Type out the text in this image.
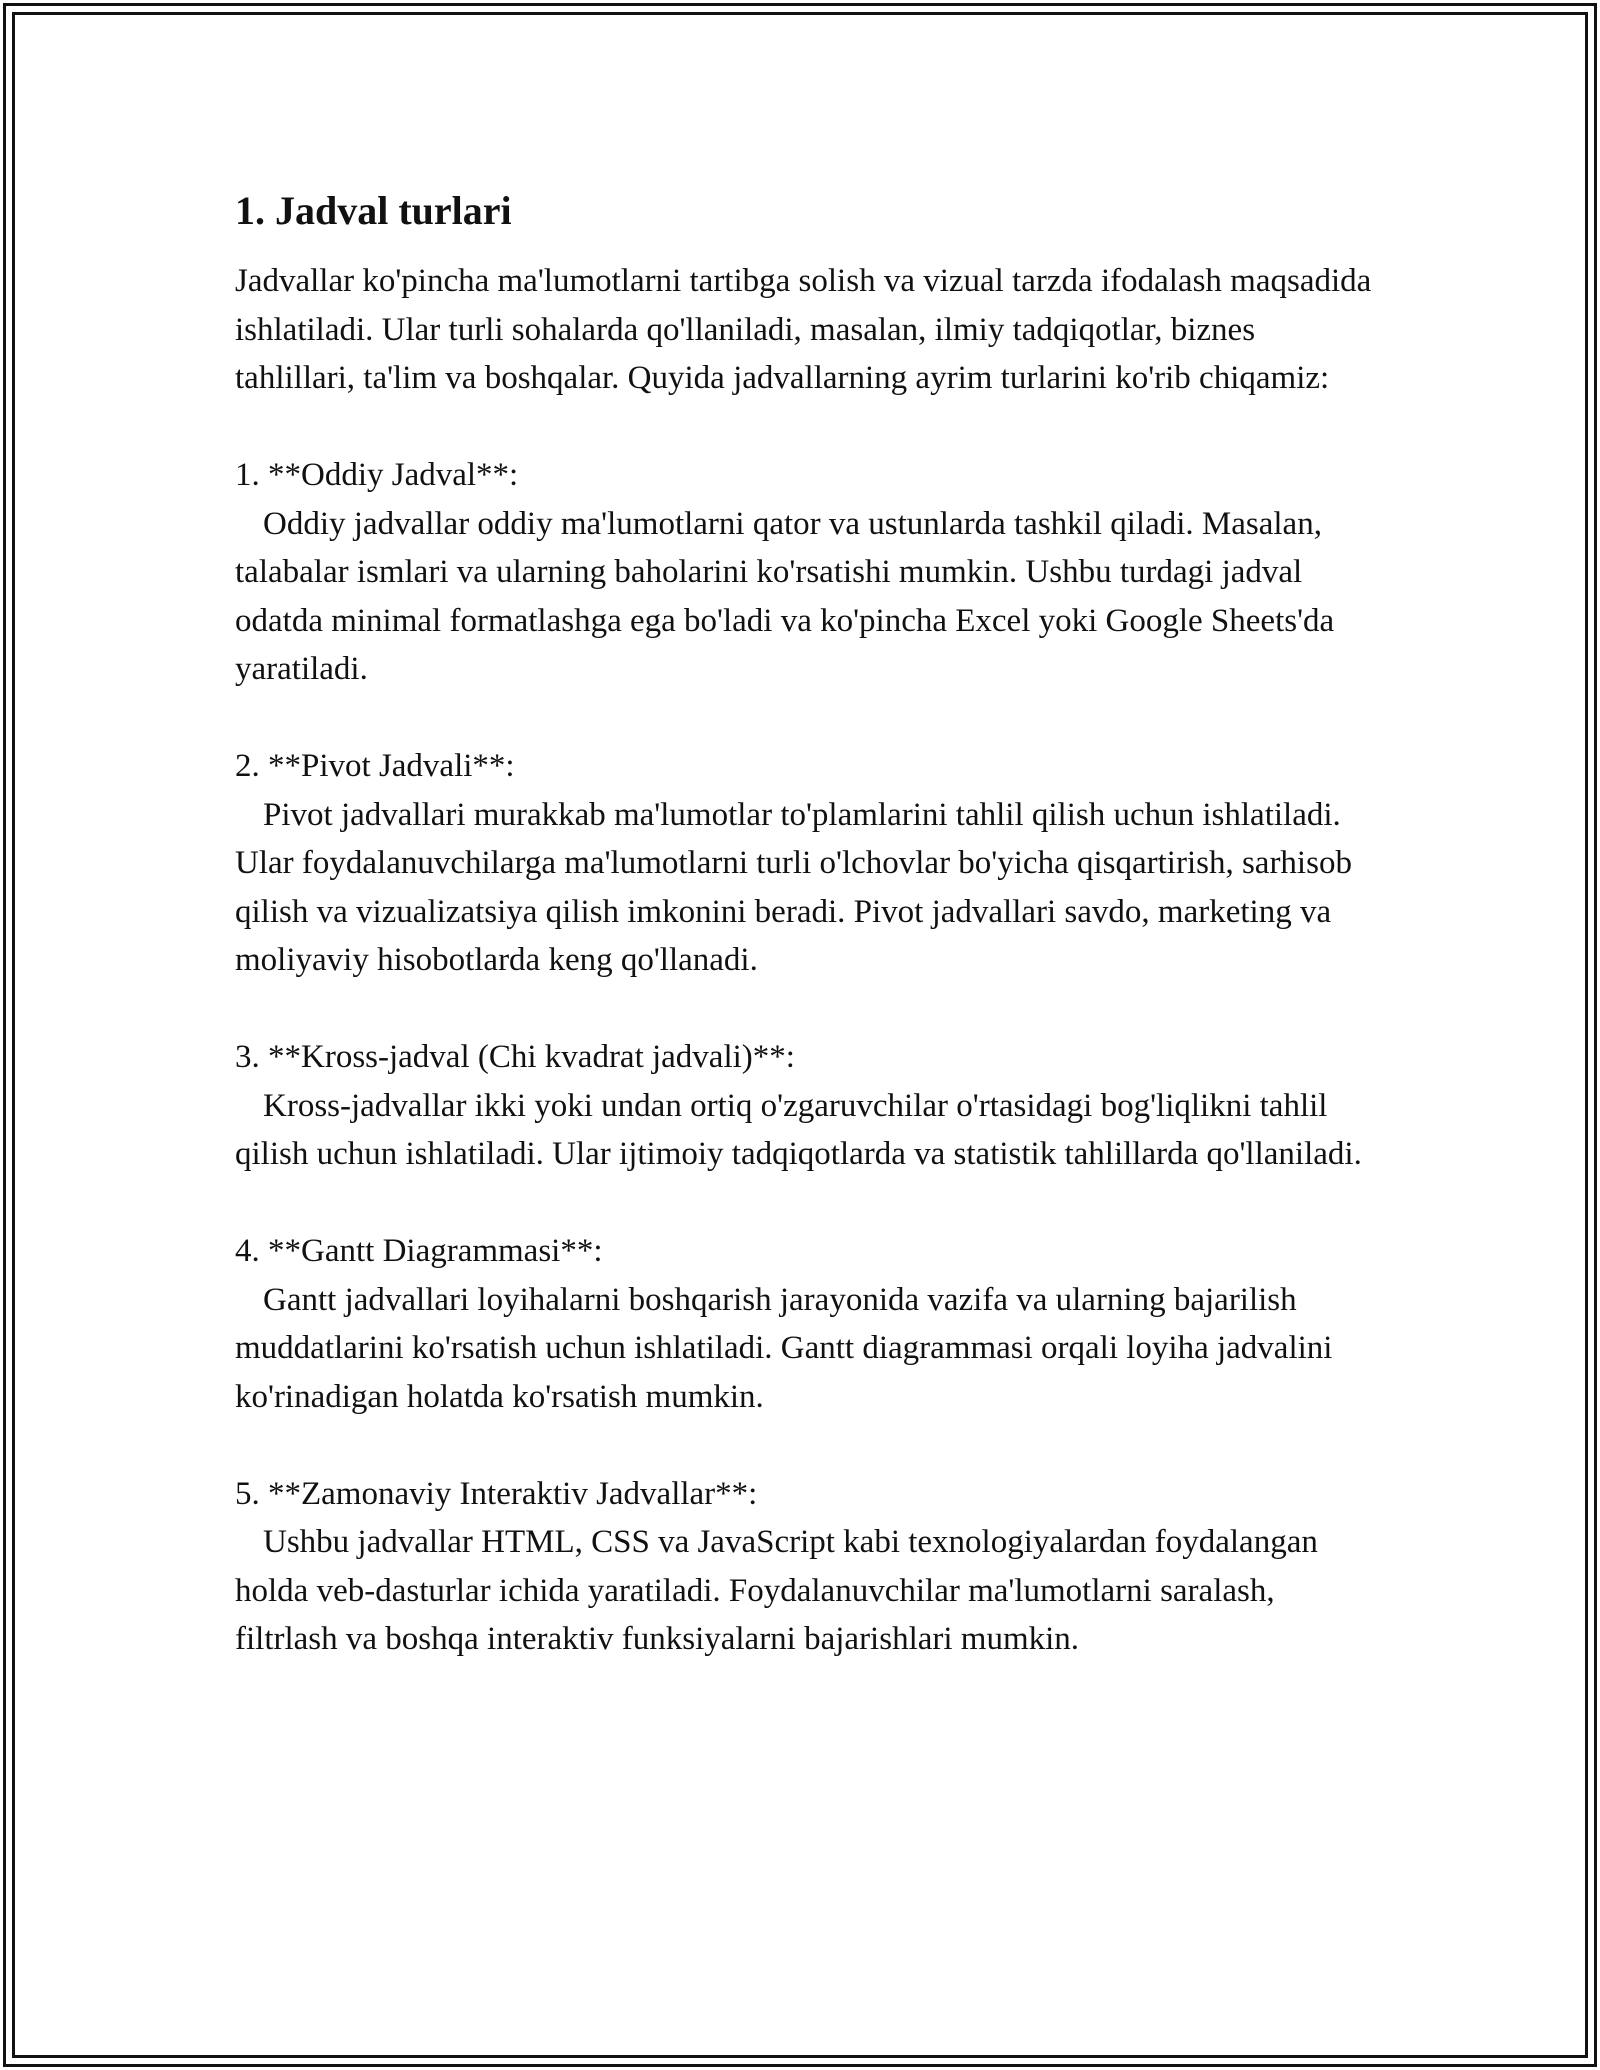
1. Jadval turlari

Jadvallar ko'pincha ma'lumotlarni tartibga solish va vizual tarzda ifodalash maqsadida ishlatiladi. Ular turli sohalarda qo'llaniladi, masalan, ilmiy tadqiqotlar, biznes tahlillari, ta'lim va boshqalar. Quyida jadvallarning ayrim turlarini ko'rib chiqamiz:

1. **Oddiy Jadval**:

Oddiy jadvallar oddiy ma'lumotlarni qator va ustunlarda tashkil qiladi. Masalan, talabalar ismlari va ularning baholarini ko'rsatishi mumkin. Ushbu turdagi jadval odatda minimal formatlashga ega bo'ladi va ko'pincha Excel yoki Google Sheets'da yaratiladi.

2. **Pivot Jadvali**:

Pivot jadvallari murakkab ma'lumotlar to'plamlarini tahlil qilish uchun ishlatiladi. Ular foydalanuvchilarga ma'lumotlarni turli o'lchovlar bo'yicha qisqartirish, sarhisob qilish va vizualizatsiya qilish imkonini beradi. Pivot jadvallari savdo, marketing va moliyaviy hisobotlarda keng qo'llanadi.

3. **Kross-jadval (Chi kvadrat jadvali)**:

Kross-jadvallar ikki yoki undan ortiq o'zgaruvchilar o'rtasidagi bog'liqlikni tahlil qilish uchun ishlatiladi. Ular ijtimoiy tadqiqotlarda va statistik tahlillarda qo'llaniladi.

4. **Gantt Diagrammasi**:

Gantt jadvallari loyihalarni boshqarish jarayonida vazifa va ularning bajarilish muddatlarini ko'rsatish uchun ishlatiladi. Gantt diagrammasi orqali loyiha jadvalini ko'rinadigan holatda ko'rsatish mumkin.

5. **Zamonaviy Interaktiv Jadvallar**:

Ushbu jadvallar HTML, CSS va JavaScript kabi texnologiyalardan foydalangan holda veb-dasturlar ichida yaratiladi. Foydalanuvchilar ma'lumotlarni saralash, filtrlash va boshqa interaktiv funksiyalarni bajarishlari mumkin.
